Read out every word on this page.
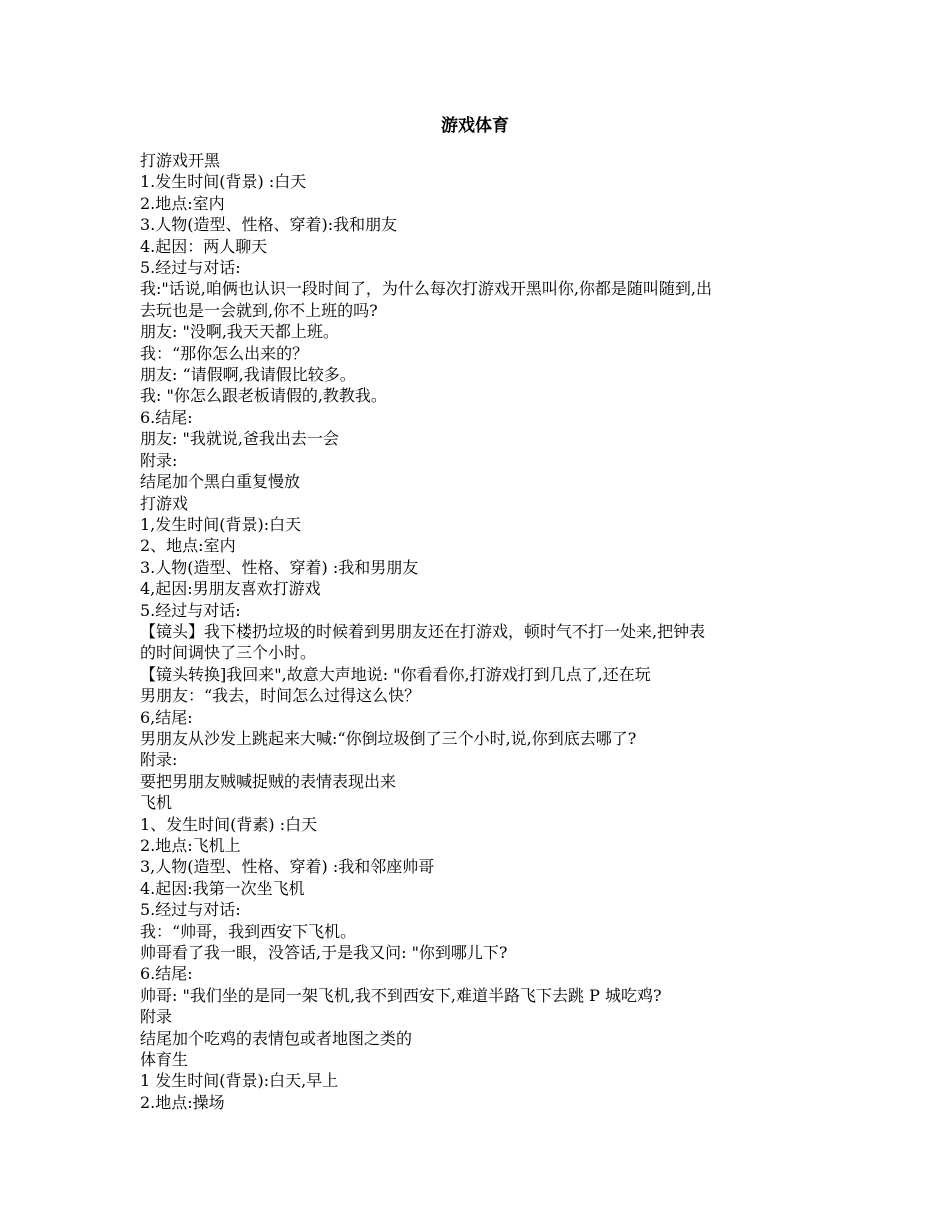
游戏体育
打游戏开黑
1.发生时间(背景) :白天
2.地点:室内
3.人物(造型、性格、穿着):我和朋友
4.起因：两人聊天
5.经过与对话:
我:"话说,咱俩也认识一段时间了，为什么每次打游戏开黑叫你,你都是随叫随到,出
去玩也是一会就到,你不上班的吗?
朋友: "没啊,我天天都上班。
我：“那你怎么出来的？
朋友: “请假啊,我请假比较多。
我: "你怎么跟老板请假的,教教我。
6.结尾:
朋友: "我就说,爸我出去一会
附录:
结尾加个黑白重复慢放
打游戏
1,发生时间(背景):白天
2、地点:室内
3.人物(造型、性格、穿着) :我和男朋友
4,起因:男朋友喜欢打游戏
5.经过与对话:
【镜头】我下楼扔垃圾的时候着到男朋友还在打游戏，顿时气不打一处来,把钟表
的时间调快了三个小时。
【镜头转换]我回来",故意大声地说: "你看看你,打游戏打到几点了,还在玩
男朋友：“我去，时间怎么过得这么快？
6,结尾:
男朋友从沙发上跳起来大喊:“你倒垃圾倒了三个小时,说,你到底去哪了?
附录:
要把男朋友贼喊捉贼的表情表现出来
飞机
1、发生时间(背素) :白天
2.地点:飞机上
3,人物(造型、性格、穿着) :我和邻座帅哥
4.起因:我第一次坐飞机
5.经过与对话:
我：“帅哥，我到西安下飞机。
帅哥看了我一眼，没答话,于是我又问: "你到哪儿下?
6.结尾:
帅哥: "我们坐的是同一架飞机,我不到西安下,难道半路飞下去跳 P 城吃鸡?
附录
结尾加个吃鸡的表情包或者地图之类的
体育生
1 发生时间(背景):白天,早上
2.地点:操场
